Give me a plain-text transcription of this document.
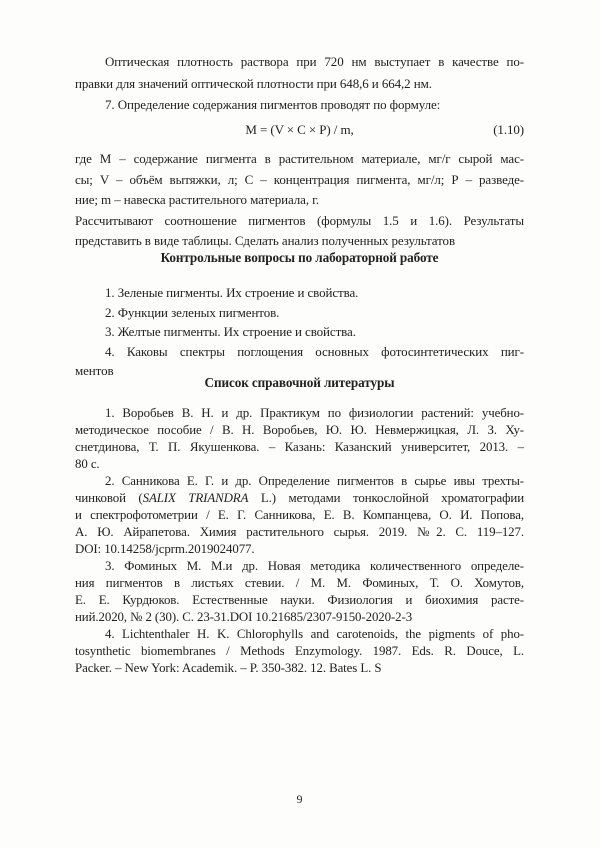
Оптическая плотность раствора при 720 нм выступает в качестве по-
правки для значений оптической плотности при 648,6 и 664,2 нм.
7. Определение содержания пигментов проводят по формуле:
М = (V × С × Р) / m,	(1.10)
где М – содержание пигмента в растительном материале, мг/г сырой мас-
сы; V – объём вытяжки, л; С – концентрация пигмента, мг/л; Р – разведе-
ние; m – навеска растительного материала, г.
Рассчитывают соотношение пигментов (формулы 1.5 и 1.6). Результаты
представить в виде таблицы. Сделать анализ полученных результатов
Контрольные вопросы по лабораторной работе
1. Зеленые пигменты. Их строение и свойства.
2. Функции зеленых пигментов.
3. Желтые пигменты. Их строение и свойства.
4. Каковы спектры поглощения основных фотосинтетических пиг-
ментов
Список справочной литературы
1. Воробьев В. Н. и др. Практикум по физиологии растений: учебно-
методическое пособие / В. Н. Воробьев, Ю. Ю. Невмержицкая, Л. З. Ху-
снетдинова, Т. П. Якушенкова. – Казань: Казанский университет, 2013. –
80 с.
2. Санникова Е. Г. и др. Определение пигментов в сырье ивы трехты-
чинковой (SALIX TRIANDRA L.) методами тонкослойной хроматографии
и спектрофотометрии / Е. Г. Санникова, Е. В. Компанцева, О. И. Попова,
А. Ю. Айрапетова. Химия растительного сырья. 2019. №2. С. 119–127.
DOI: 10.14258/jcprm.2019024077.
3. Фоминых М. М.и др. Новая методика количественного определе-
ния пигментов в листьях стевии. / М. М. Фоминых, Т. О. Хомутов,
Е. Е. Курдюков. Естественные науки. Физиология и биохимия расте-
ний.2020, № 2 (30). С. 23-31.DOI 10.21685/2307-9150-2020-2-3
4. Lichtenthaler H. K. Chlorophylls and carotenoids, the pigments of pho-
tosynthetic biomembranes / Methods Enzymology. 1987. Eds. R. Douce, L.
Packer. – New York: Academik. – P. 350-382. 12. Bates L. S
9
